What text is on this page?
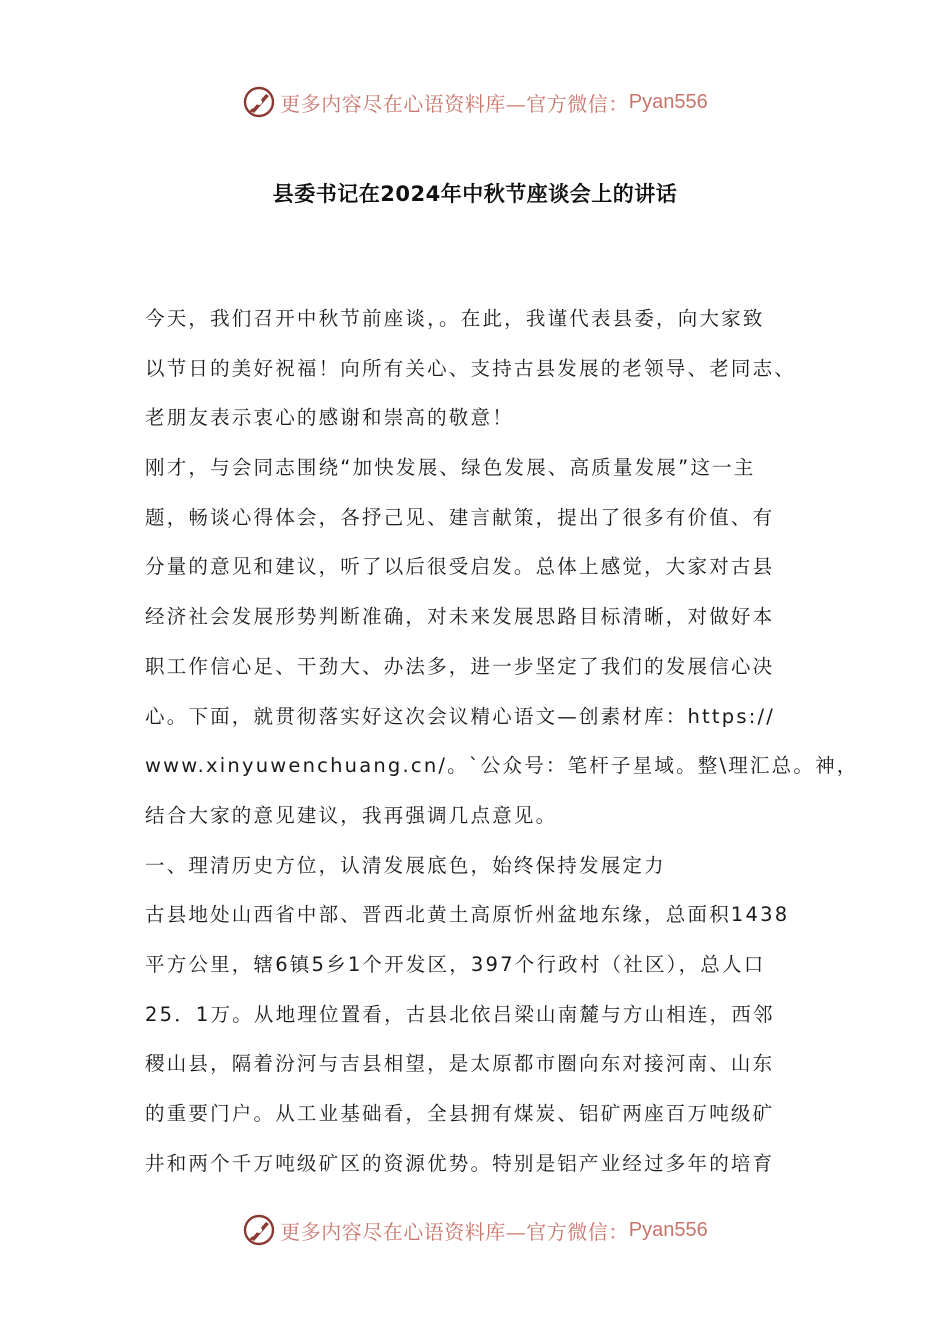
更多内容尽在心语资料库—官方微信： Pyan556
县委书记在2024年中秋节座谈会上的讲话
今天，我们召开中秋节前座谈，。在此，我谨代表县委，向大家致
以节日的美好祝福！向所有关心、支持古县发展的老领导、老同志、
老朋友表示衷心的感谢和崇高的敬意！
刚才，与会同志围绕“加快发展、绿色发展、高质量发展”这一主
题，畅谈心得体会，各抒己见、建言献策，提出了很多有价值、有
分量的意见和建议，听了以后很受启发。总体上感觉，大家对古县
经济社会发展形势判断准确，对未来发展思路目标清晰，对做好本
职工作信心足、干劲大、办法多，进一步坚定了我们的发展信心决
心。下面，就贯彻落实好这次会议精心语文—创素材库：https://
www.xinyuwenchuang.cn/。`公众号：笔杆子星域。整\理汇总。神，
结合大家的意见建议，我再强调几点意见。
一、理清历史方位，认清发展底色，始终保持发展定力
古县地处山西省中部、晋西北黄土高原忻州盆地东缘，总面积1438
平方公里，辖6镇5乡1个开发区，397个行政村（社区），总人口
25．1万。从地理位置看，古县北依吕梁山南麓与方山相连，西邻
稷山县，隔着汾河与吉县相望，是太原都市圈向东对接河南、山东
的重要门户。从工业基础看，全县拥有煤炭、铝矿两座百万吨级矿
井和两个千万吨级矿区的资源优势。特别是铝产业经过多年的培育
更多内容尽在心语资料库—官方微信： Pyan556
